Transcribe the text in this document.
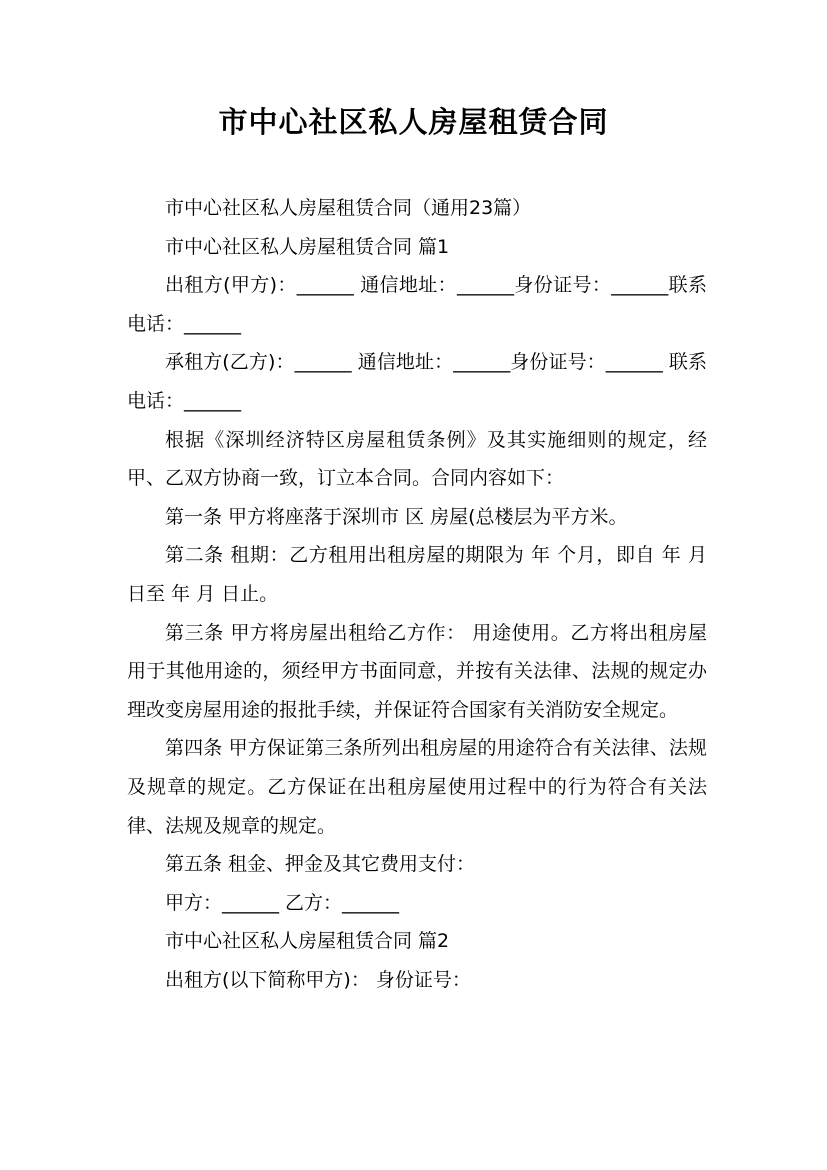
市中心社区私人房屋租赁合同

市中心社区私人房屋租赁合同（通用23篇）

市中心社区私人房屋租赁合同 篇1

出租方(甲方)：______ 通信地址：______身份证号：______联系电话：______

承租方(乙方)：______ 通信地址：______身份证号：______ 联系电话：______

根据《深圳经济特区房屋租赁条例》及其实施细则的规定，经甲、乙双方协商一致，订立本合同。合同内容如下：

第一条 甲方将座落于深圳市 区 房屋(总楼层为平方米。

第二条 租期：乙方租用出租房屋的期限为 年 个月，即自 年 月 日至 年 月 日止。

第三条 甲方将房屋出租给乙方作： 用途使用。乙方将出租房屋用于其他用途的，须经甲方书面同意，并按有关法律、法规的规定办理改变房屋用途的报批手续，并保证符合国家有关消防安全规定。

第四条 甲方保证第三条所列出租房屋的用途符合有关法律、法规及规章的规定。乙方保证在出租房屋使用过程中的行为符合有关法律、法规及规章的规定。

第五条 租金、押金及其它费用支付：

甲方：______ 乙方：______

市中心社区私人房屋租赁合同 篇2

出租方(以下简称甲方)： 身份证号：
